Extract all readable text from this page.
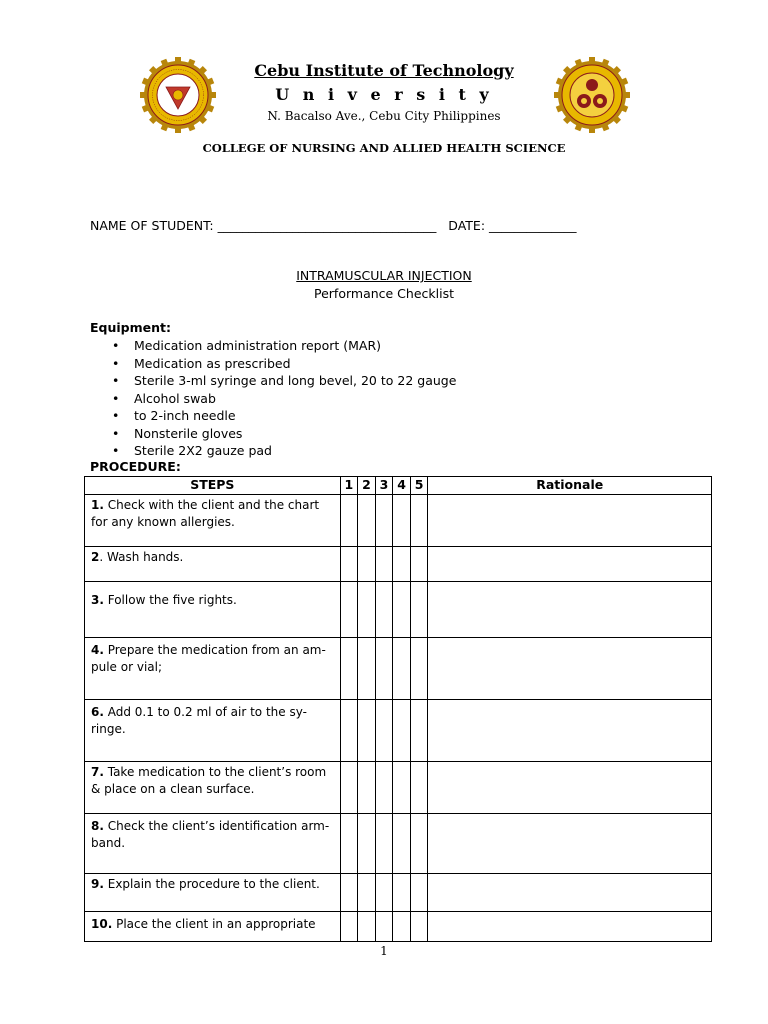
Cebu Institute of Technology
U n i v e r s i t y
N. Bacalso Ave., Cebu City Philippines
COLLEGE OF NURSING AND ALLIED HEALTH SCIENCE
NAME OF STUDENT: ___________________________________ DATE: ______________
INTRAMUSCULAR INJECTION
Performance Checklist
Equipment:
• Medication administration report (MAR)
• Medication as prescribed
• Sterile 3-ml syringe and long bevel, 20 to 22 gauge
• Alcohol swab
• to 2-inch needle
• Nonsterile gloves
• Sterile 2X2 gauze pad
PROCEDURE:
STEPS	1	2	3	4	5	Rationale
1. Check with the client and the chart for any known allergies.						
2. Wash hands.						
3. Follow the five rights.						
4. Prepare the medication from an am-pule or vial;						
6. Add 0.1 to 0.2 ml of air to the sy-ringe.						
7. Take medication to the client’s room & place on a clean surface.						
8. Check the client’s identification arm-band.						
9. Explain the procedure to the client.						
10. Place the client in an appropriate						
1
